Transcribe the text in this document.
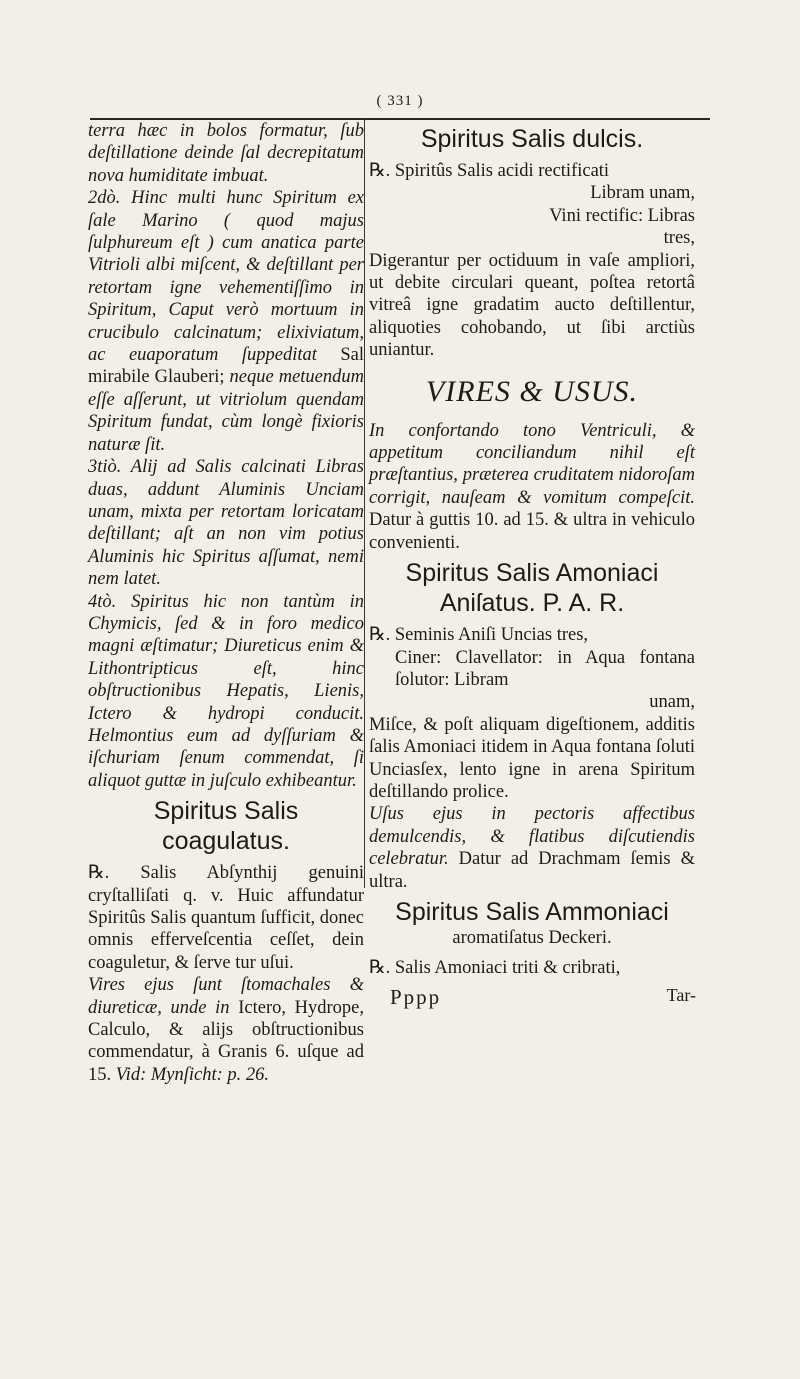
( 331 )

terra hæc in bolos formatur, ſub deſtillatione deinde ſal decrepitatum nova humiditate imbuat.

2dò. Hinc multi hunc Spiritum ex ſale Marino ( quod majus ſulphureum eſt ) cum anatica parte Vitrioli albi miſcent, & deſtillant per retortam igne vehementiſſimo in Spiritum, Caput verò mortuum in crucibulo calcinatum; elixiviatum, ac euaporatum ſuppeditat Sal mirabile Glauberi; neque metuendum eſſe aſſerunt, ut vitriolum quendam Spiritum fundat, cùm longè fixioris naturæ ſit.

3tiò. Alij ad Salis calcinati Libras duas, addunt Aluminis Unciam unam, mixta per retortam loricatam deſtillant; aſt an non vim potius Aluminis hic Spiritus aſſumat, nemi nem latet.

4tò. Spiritus hic non tantùm in Chymicis, ſed & in foro medico magni æſtimatur; Diureticus enim & Lithontripticus eſt, hinc obſtructionibus Hepatis, Lienis, Ictero & hydropi conducit. Helmontius eum ad dyſſuriam & iſchuriam ſenum commendat, ſi aliquot guttæ in juſculo exhibeantur.

Spiritus Salis coagulatus.

℞. Salis Abſynthij genuini cryſtalliſati q. v. Huic affundatur Spiritûs Salis quantum ſufficit, donec omnis efferveſcentia ceſſet, dein coaguletur, & ſerve tur uſui.

Vires ejus ſunt ſtomachales & diureticæ, unde in Ictero, Hydrope, Calculo, & alijs obſtructionibus commendatur, à Granis 6. uſque ad 15. Vid: Mynſicht: p. 26.

Spiritus Salis dulcis.

℞. Spiritûs Salis acidi rectificati

Libram unam,

Vini rectific: Libras

tres,

Digerantur per octiduum in vaſe ampliori, ut debite circulari queant, poſtea retortâ vitreâ igne gradatim aucto deſtillentur, aliquoties cohobando, ut ſibi arctiùs uniantur.

VIRES & USUS.

In confortando tono Ventriculi, & appetitum conciliandum nihil eſt præſtantius, præterea cruditatem nidoroſam corrigit, nauſeam & vomitum compeſcit. Datur à guttis 10. ad 15. & ultra in vehiculo convenienti.

Spiritus Salis Amoniaci Aniſatus. P. A. R.

℞. Seminis Aniſi Uncias tres,

Ciner: Clavellator: in Aqua fontana ſolutor: Libram

unam,

Miſce, & poſt aliquam digeſtionem, additis ſalis Amoniaci itidem in Aqua fontana ſoluti Unciasſex, lento igne in arena Spiritum deſtillando prolice.

Uſus ejus in pectoris affectibus demulcendis, & flatibus diſcutiendis celebratur. Datur ad Drachmam ſemis & ultra.

Spiritus Salis Ammoniaci

aromatiſatus Deckeri.

℞. Salis Amoniaci triti & cribrati,

Pppp	Tar-
